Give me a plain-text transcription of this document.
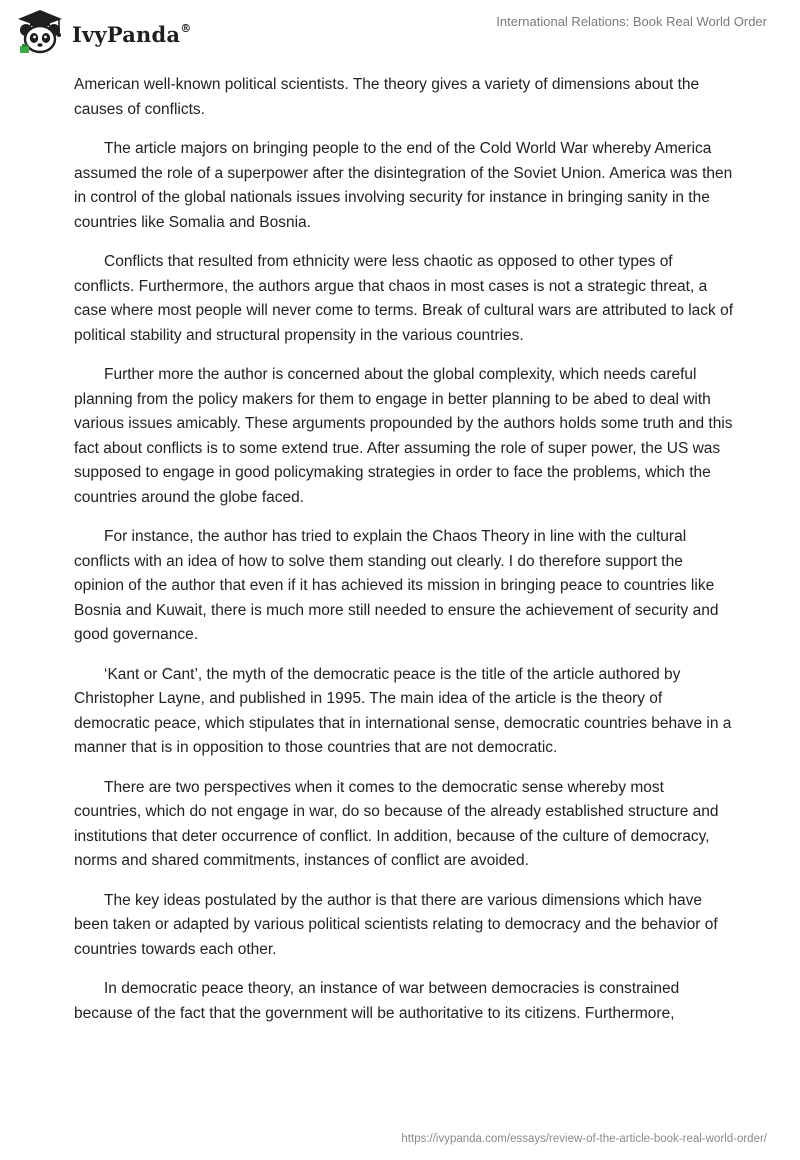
IvyPanda®	International Relations: Book Real World Order

American well-known political scientists. The theory gives a variety of dimensions about the causes of conflicts.

The article majors on bringing people to the end of the Cold World War whereby America assumed the role of a superpower after the disintegration of the Soviet Union. America was then in control of the global nationals issues involving security for instance in bringing sanity in the countries like Somalia and Bosnia.

Conflicts that resulted from ethnicity were less chaotic as opposed to other types of conflicts. Furthermore, the authors argue that chaos in most cases is not a strategic threat, a case where most people will never come to terms. Break of cultural wars are attributed to lack of political stability and structural propensity in the various countries.

Further more the author is concerned about the global complexity, which needs careful planning from the policy makers for them to engage in better planning to be abed to deal with various issues amicably. These arguments propounded by the authors holds some truth and this fact about conflicts is to some extend true. After assuming the role of super power, the US was supposed to engage in good policymaking strategies in order to face the problems, which the countries around the globe faced.

For instance, the author has tried to explain the Chaos Theory in line with the cultural conflicts with an idea of how to solve them standing out clearly. I do therefore support the opinion of the author that even if it has achieved its mission in bringing peace to countries like Bosnia and Kuwait, there is much more still needed to ensure the achievement of security and good governance.

‘Kant or Cant’, the myth of the democratic peace is the title of the article authored by Christopher Layne, and published in 1995. The main idea of the article is the theory of democratic peace, which stipulates that in international sense, democratic countries behave in a manner that is in opposition to those countries that are not democratic.

There are two perspectives when it comes to the democratic sense whereby most countries, which do not engage in war, do so because of the already established structure and institutions that deter occurrence of conflict. In addition, because of the culture of democracy, norms and shared commitments, instances of conflict are avoided.

The key ideas postulated by the author is that there are various dimensions which have been taken or adapted by various political scientists relating to democracy and the behavior of countries towards each other.

In democratic peace theory, an instance of war between democracies is constrained because of the fact that the government will be authoritative to its citizens. Furthermore,

https://ivypanda.com/essays/review-of-the-article-book-real-world-order/
